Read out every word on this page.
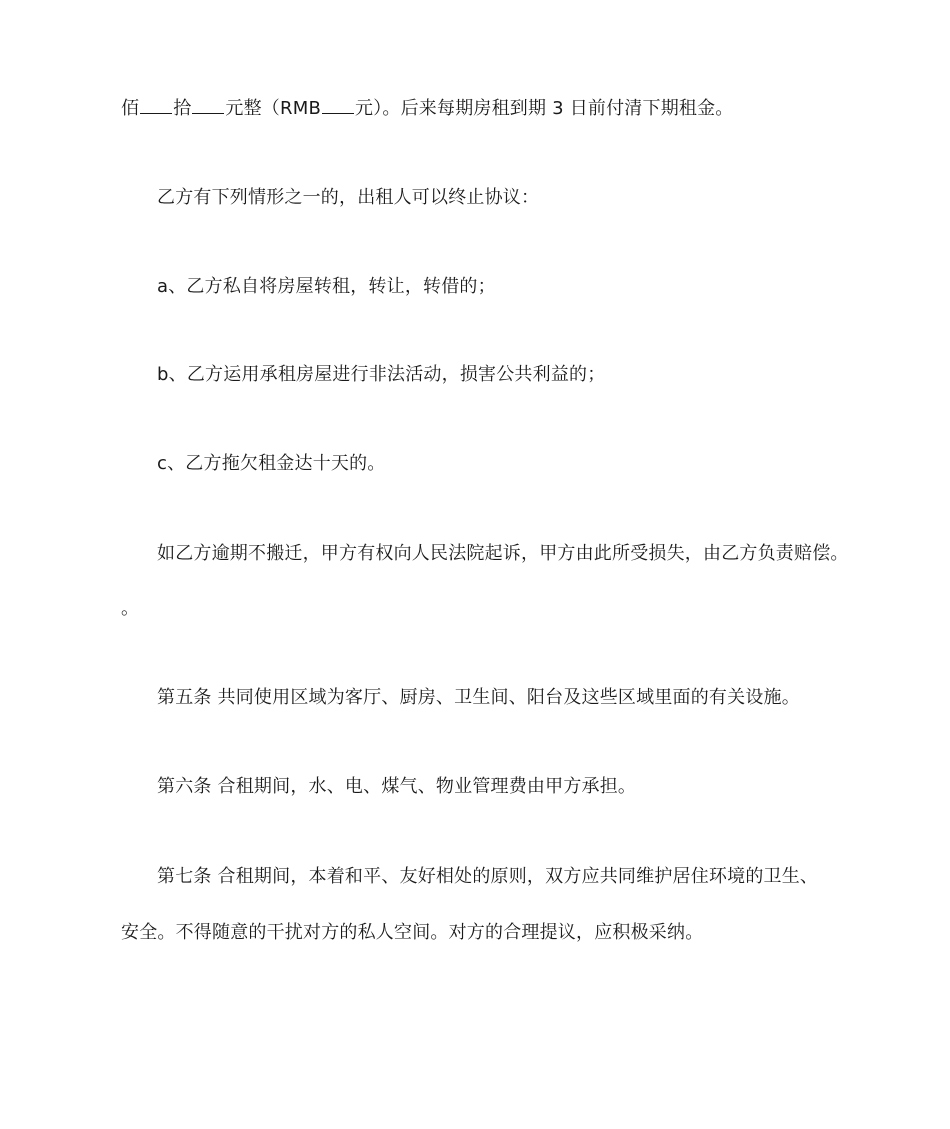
佰 拾 元整（RMB 元）。后来每期房租到期 3 日前付清下期租金。
乙方有下列情形之一的，出租人可以终止协议：
a、乙方私自将房屋转租，转让，转借的；
b、乙方运用承租房屋进行非法活动，损害公共利益的；
c、乙方拖欠租金达十天的。
如乙方逾期不搬迁，甲方有权向人民法院起诉，甲方由此所受损失，由乙方负责赔偿。
。
第五条 共同使用区域为客厅、厨房、卫生间、阳台及这些区域里面的有关设施。
第六条 合租期间，水、电、煤气、物业管理费由甲方承担。
第七条 合租期间，本着和平、友好相处的原则，双方应共同维护居住环境的卫生、
安全。不得随意的干扰对方的私人空间。对方的合理提议，应积极采纳。
